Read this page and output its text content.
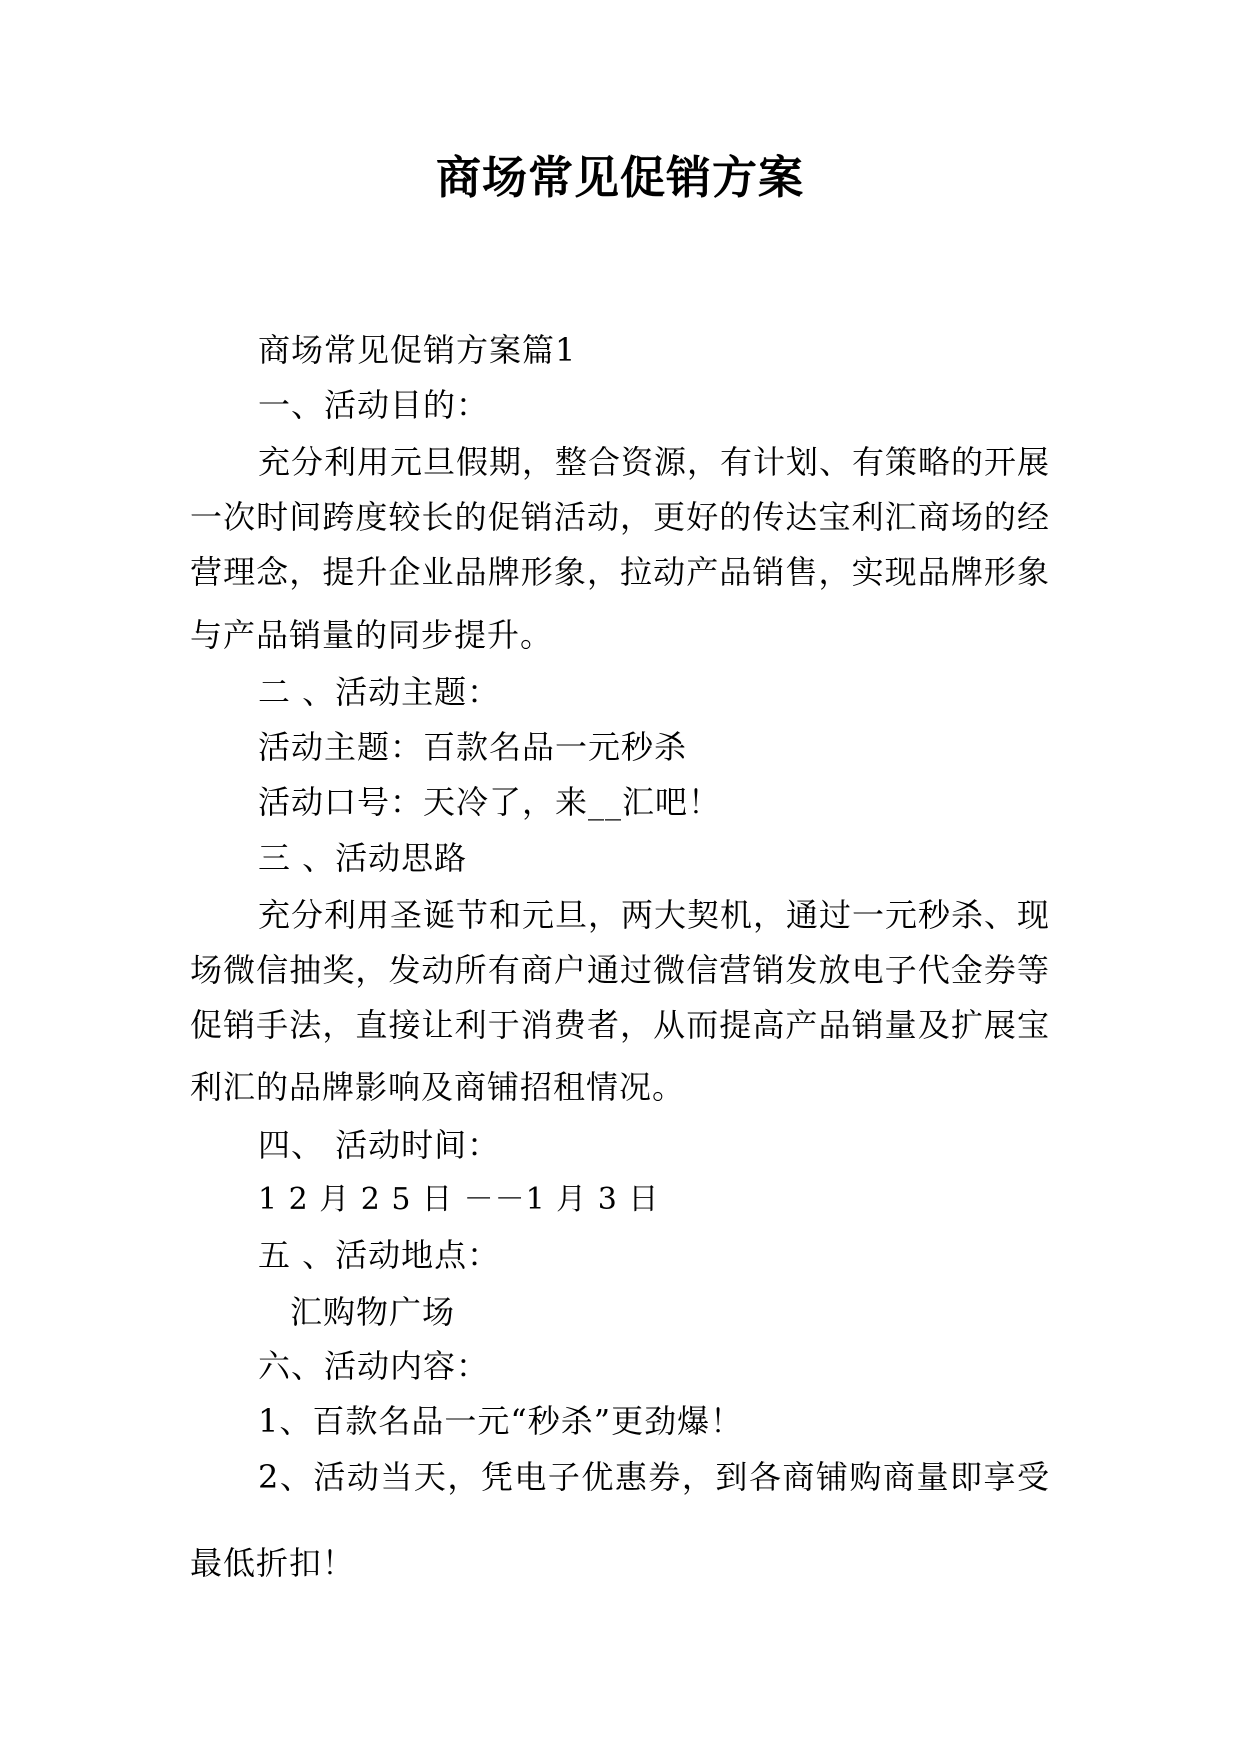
商场常见促销方案
商场常见促销方案篇1
一、活动目的：
充分利用元旦假期，整合资源，有计划、有策略的开展
一次时间跨度较长的促销活动，更好的传达宝利汇商场的经
营理念，提升企业品牌形象，拉动产品销售，实现品牌形象
与产品销量的同步提升。
二 、活动主题：
活动主题：百款名品一元秒杀
活动口号：天冷了，来__汇吧！
三 、活动思路
充分利用圣诞节和元旦，两大契机，通过一元秒杀、现
场微信抽奖，发动所有商户通过微信营销发放电子代金券等
促销手法，直接让利于消费者，从而提高产品销量及扩展宝
利汇的品牌影响及商铺招租情况。
四、 活动时间：
1 2 月 2 5 日 －－1 月 3 日
五 、活动地点：
汇购物广场
六、活动内容：
1、百款名品一元“秒杀”更劲爆！
2、活动当天，凭电子优惠券，到各商铺购商量即享受
最低折扣！
